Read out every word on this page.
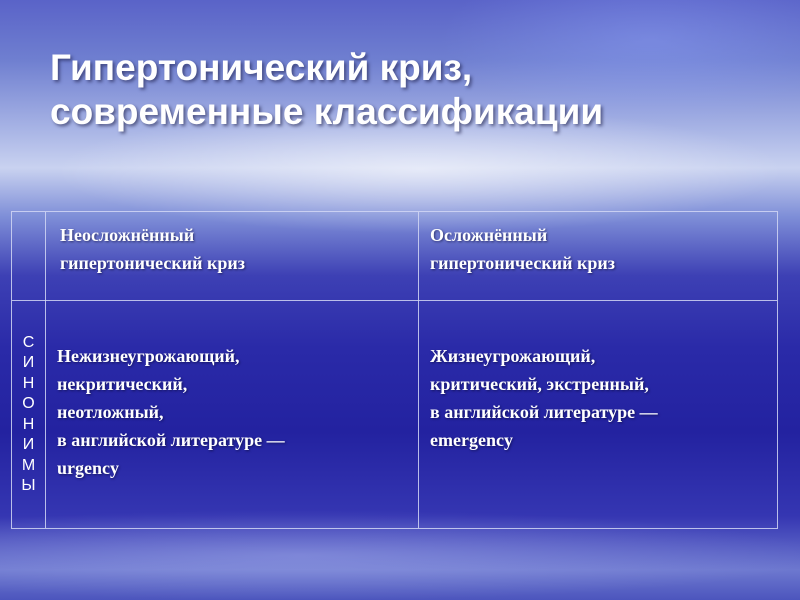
Гипертонический криз,
современные классификации
Неосложнённый
гипертонический криз
Осложнённый
гипертонический криз
С
И
Н
О
Н
И
М
Ы
Нежизнеугрожающий,
некритический,
неотложный,
в английской литературе —
urgency
Жизнеугрожающий,
критический, экстренный,
в английской литературе —
emergency
